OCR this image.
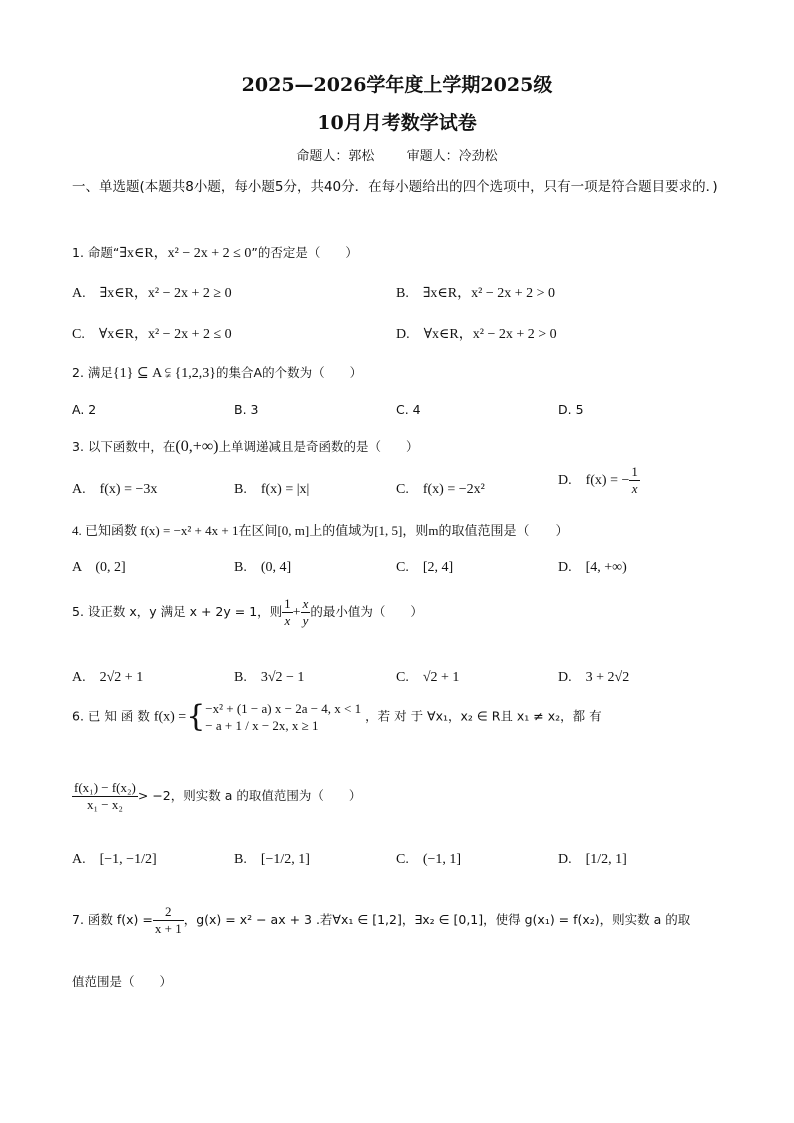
2025—2026学年度上学期2025级
10月月考数学试卷
命题人：郭松 审题人：冷劲松
一、单选题(本题共8小题，每小题5分，共40分．在每小题给出的四个选项中，只有一项是符合题目要求的．)
1. 命题“∃x∈R，x² − 2x + 2 ≤ 0”的否定是（　　）
A.　∃x∈R，x² − 2x + 2 ≥ 0	B.　∃x∈R，x² − 2x + 2 > 0
C.　∀x∈R，x² − 2x + 2 ≤ 0	D.　∀x∈R，x² − 2x + 2 > 0
2. 满足{1} ⊆ A ⫋ {1,2,3}的集合A的个数为（　　）
A. 2	B. 3	C. 4	D. 5
3. 以下函数中，在(0,+∞)上单调递减且是奇函数的是（　　）
A.　f(x) = −3x	B.　f(x) = |x|	C.　f(x) = −2x²
D.　f(x) = − $\frac{1}{x}$
4. 已知函数 f(x) = −x² + 4x + 1在区间[0, m]上的值域为[1, 5]，则m的取值范围是（　　）
A　(0, 2]	B.　(0, 4]	C.　[2, 4]	D.　[4, +∞)
5. 设正数 x，y 满足 x + 2y = 1，则 $\frac{1}{x} + \frac{x}{y}$ 的最小值为（　　）
A.　2√2 + 1	B.　3√2 − 1	C.　√2 + 1	D.　3 + 2√2
6. 已 知 函 数 f(x) ={ −x² + (1 − a) x − 2a − 4, x < 1
− a + 1 / x − 2x, x ≥ 1
，若 对 于 ∀x₁，x₂ ∈ R且 x₁ ≠ x₂，都 有
$\frac{\text{f(x₁) − f(x₂)}}{\text{x₁ − x₂}} > -2$，则实数 a 的取值范围为（　　）
A.　[−1, −1/2]	B.　[−1/2, 1]	C.　(−1, 1]	D.　[1/2, 1]
7. 函数 $f(x) = \frac{2}{x + 1}$ ，g(x) = x² − ax + 3 .若∀x₁ ∈ [1,2]，∃x₂ ∈ [0,1]，使得 g(x₁) = f(x₂)，则实数 a 的取
值范围是（　　）
